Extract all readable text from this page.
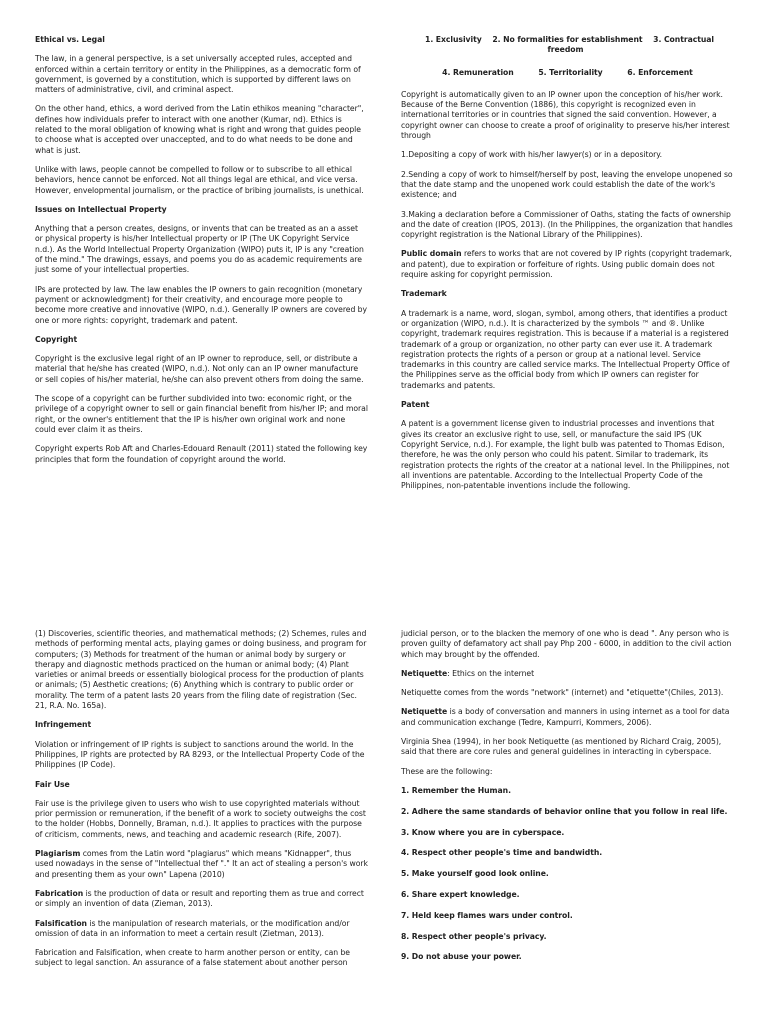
Ethical vs. Legal

The law, in a general perspective, is a set universally accepted rules, accepted and enforced within a certain territory or entity in the Philippines, as a democratic form of government, is governed by a constitution, which is supported by different laws on matters of administrative, civil, and criminal aspect.

On the other hand, ethics, a word derived from the Latin ethikos meaning "character", defines how individuals prefer to interact with one another (Kumar, nd). Ethics is related to the moral obligation of knowing what is right and wrong that guides people to choose what is accepted over unaccepted, and to do what needs to be done and what is just.

Unlike with laws, people cannot be compelled to follow or to subscribe to all ethical behaviors, hence cannot be enforced. Not all things legal are ethical, and vice versa. However, envelopmental journalism, or the practice of bribing journalists, is unethical.

Issues on Intellectual Property

Anything that a person creates, designs, or invents that can be treated as an a asset or physical property is his/her Intellectual property or IP (The UK Copyright Service n.d.). As the World Intellectual Property Organization (WIPO) puts it, IP is any "creation of the mind." The drawings, essays, and poems you do as academic requirements are just some of your intellectual properties.

IPs are protected by law. The law enables the IP owners to gain recognition (monetary payment or acknowledgment) for their creativity, and encourage more people to become more creative and innovative (WIPO, n.d.). Generally IP owners are covered by one or more rights: copyright, trademark and patent.

Copyright

Copyright is the exclusive legal right of an IP owner to reproduce, sell, or distribute a material that he/she has created (WIPO, n.d.). Not only can an IP owner manufacture or sell copies of his/her material, he/she can also prevent others from doing the same.

The scope of a copyright can be further subdivided into two: economic right, or the privilege of a copyright owner to sell or gain financial benefit from his/her IP; and moral right, or the owner's entitlement that the IP is his/her own original work and none could ever claim it as theirs.

Copyright experts Rob Aft and Charles-Edouard Renault (2011) stated the following key principles that form the foundation of copyright around the world.

1. Exclusivity 2. No formalities for establishment 3. Contractual freedom
4. Remuneration	5. Territoriality	6. Enforcement

Copyright is automatically given to an IP owner upon the conception of his/her work. Because of the Berne Convention (1886), this copyright is recognized even in international territories or in countries that signed the said convention. However, a copyright owner can choose to create a proof of originality to preserve his/her interest through

1.Depositing a copy of work with his/her lawyer(s) or in a depository.

2.Sending a copy of work to himself/herself by post, leaving the envelope unopened so that the date stamp and the unopened work could establish the date of the work's existence; and

3.Making a declaration before a Commissioner of Oaths, stating the facts of ownership and the date of creation (IPOS, 2013). (In the Philippines, the organization that handles copyright registration is the National Library of the Philippines).

Public domain refers to works that are not covered by IP rights (copyright trademark, and patent), due to expiration or forfeiture of rights. Using public domain does not require asking for copyright permission.

Trademark

A trademark is a name, word, slogan, symbol, among others, that identifies a product or organization (WIPO, n.d.). It is characterized by the symbols ™ and ®. Unlike copyright, trademark requires registration. This is because if a material is a registered trademark of a group or organization, no other party can ever use it. A trademark registration protects the rights of a person or group at a national level. Service trademarks in this country are called service marks. The Intellectual Property Office of the Philippines serve as the official body from which IP owners can register for trademarks and patents.

Patent

A patent is a government license given to industrial processes and inventions that gives its creator an exclusive right to use, sell, or manufacture the said IPS (UK Copyright Service, n.d.). For example, the light bulb was patented to Thomas Edison, therefore, he was the only person who could his patent. Similar to trademark, its registration protects the rights of the creator at a national level. In the Philippines, not all inventions are patentable. According to the Intellectual Property Code of the Philippines, non-patentable inventions include the following.

(1) Discoveries, scientific theories, and mathematical methods; (2) Schemes, rules and methods of performing mental acts, playing games or doing business, and program for computers; (3) Methods for treatment of the human or animal body by surgery or therapy and diagnostic methods practiced on the human or animal body; (4) Plant varieties or animal breeds or essentially biological process for the production of plants or animals; (5) Aesthetic creations; (6) Anything which is contrary to public order or morality. The term of a patent lasts 20 years from the filing date of registration (Sec. 21, R.A. No. 165a).

Infringement

Violation or infringement of IP rights is subject to sanctions around the world. In the Philippines, IP rights are protected by RA 8293, or the Intellectual Property Code of the Philippines (IP Code).

Fair Use

Fair use is the privilege given to users who wish to use copyrighted materials without prior permission or remuneration, if the benefit of a work to society outweighs the cost to the holder (Hobbs, Donnelly, Braman, n.d.). It applies to practices with the purpose of criticism, comments, news, and teaching and academic research (Rife, 2007).

Plagiarism comes from the Latin word "plagiarus" which means "Kidnapper", thus used nowadays in the sense of "Intellectual thef "." It an act of stealing a person's work and presenting them as your own" Lapena (2010)

Fabrication is the production of data or result and reporting them as true and correct or simply an invention of data (Zieman, 2013).

Falsification is the manipulation of research materials, or the modification and/or omission of data in an information to meet a certain result (Zietman, 2013).

Fabrication and Falsification, when create to harm another person or entity, can be subject to legal sanction. An assurance of a false statement about another person

judicial person, or to the blacken the memory of one who is dead ". Any person who is proven guilty of defamatory act shall pay Php 200 - 6000, in addition to the civil action which may brought by the offended.

Netiquette: Ethics on the internet

Netiquette comes from the words "network" (internet) and "etiquette"(Chiles, 2013).

Netiquette is a body of conversation and manners in using internet as a tool for data and communication exchange (Tedre, Kampurri, Kommers, 2006).

Virginia Shea (1994), in her book Netiquette (as mentioned by Richard Craig, 2005), said that there are core rules and general guidelines in interacting in cyberspace.

These are the following:

1. Remember the Human.
2. Adhere the same standards of behavior online that you follow in real life.
3. Know where you are in cyberspace.
4. Respect other people's time and bandwidth.
5. Make yourself good look online.
6. Share expert knowledge.
7. Held keep flames wars under control.
8. Respect other people's privacy.
9. Do not abuse your power.
